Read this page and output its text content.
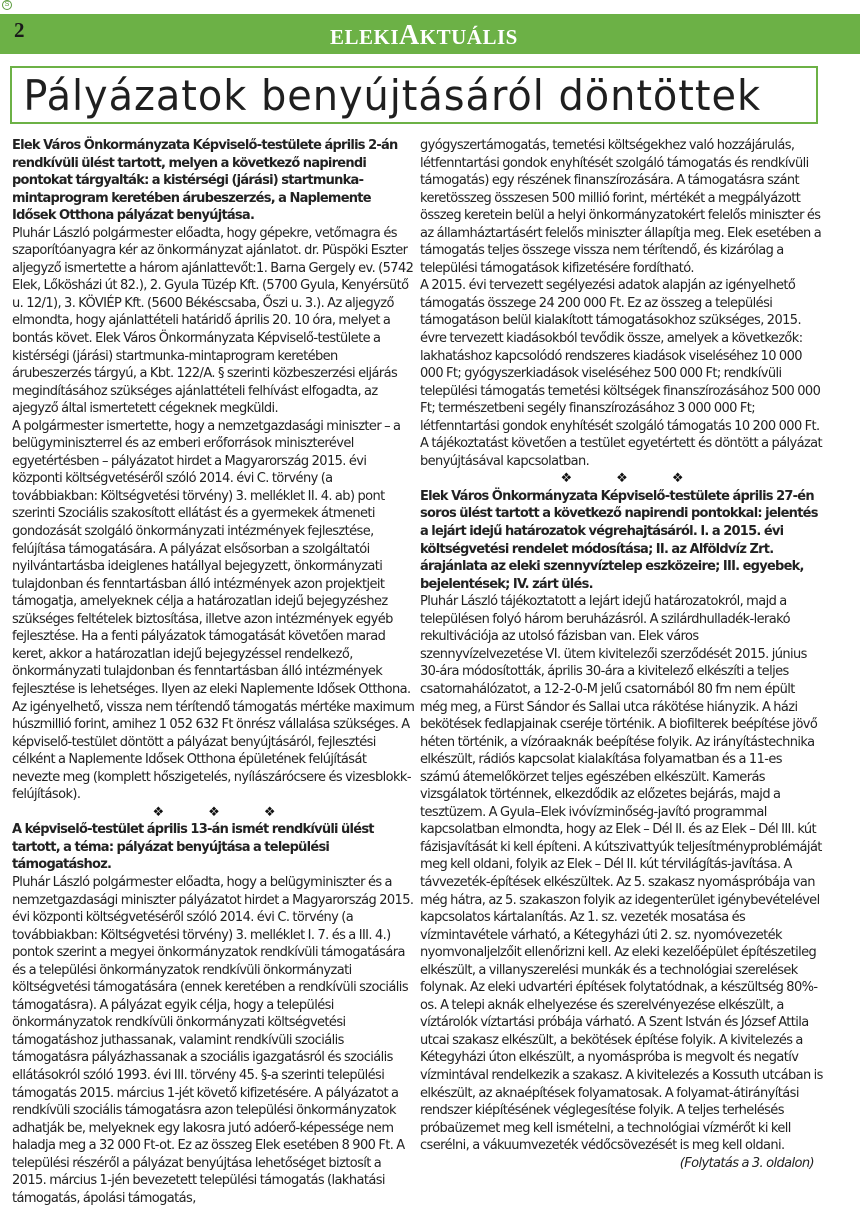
S
2	ELEKIAKTUÁLIS
Pályázatok benyújtásáról döntöttek

Elek Város Önkormányzata Képviselő-testülete április 2-án rendkívüli ülést tartott, melyen a következő napirendi pontokat tárgyalták: a kistérségi (járási) startmunka-mintaprogram keretében árubeszerzés, a Naplemente Idősek Otthona pályázat benyújtása.

Pluhár László polgármester előadta, hogy gépekre, vetőmagra és szaporítóanyagra kér az önkormányzat ajánlatot. dr. Püspöki Eszter aljegyző ismertette a három ajánlattevőt:1. Barna Gergely ev. (5742 Elek, Lőkösházi út 82.), 2. Gyula Tüzép Kft. (5700 Gyula, Kenyérsütő u. 12/1), 3. KÖVIÉP Kft. (5600 Békéscsaba, Őszi u. 3.). Az aljegyző elmondta, hogy ajánlattételi határidő április 20. 10 óra, melyet a bontás követ. Elek Város Önkormányzata Képviselő-testülete a kistérségi (járási) startmunka-mintaprogram keretében árubeszerzés tárgyú, a Kbt. 122/A. § szerinti közbeszerzési eljárás megindításához szükséges ajánlattételi felhívást elfogadta, az ajegyző által ismertetett cégeknek megküldi.

A polgármester ismertette, hogy a nemzetgazdasági miniszter – a belügyminiszterrel és az emberi erőforrások miniszterével egyetértésben – pályázatot hirdet a Magyarország 2015. évi központi költségvetéséről szóló 2014. évi C. törvény (a továbbiakban: Költségvetési törvény) 3. melléklet II. 4. ab) pont szerinti Szociális szakosított ellátást és a gyermekek átmeneti gondozását szolgáló önkormányzati intézmények fejlesztése, felújítása támogatására. A pályázat elsősorban a szolgáltatói nyilvántartásba ideiglenes hatállyal bejegyzett, önkormányzati tulajdonban és fenntartásban álló intézmények azon projektjeit támogatja, amelyeknek célja a határozatlan idejű bejegyzéshez szükséges feltételek biztosítása, illetve azon intézmények egyéb fejlesztése. Ha a fenti pályázatok támogatását követően marad keret, akkor a határozatlan idejű bejegyzéssel rendelkező, önkormányzati tulajdonban és fenntartásban álló intézmények fejlesztése is lehetséges. Ilyen az eleki Naplemente Idősek Otthona. Az igényelhető, vissza nem térítendő támogatás mértéke maximum húszmillió forint, amihez 1 052 632 Ft önrész vállalása szükséges. A képviselő-testület döntött a pályázat benyújtásáról, fejlesztési célként a Naplemente Idősek Otthona épületének felújítását nevezte meg (komplett hőszigetelés, nyílászárócsere és vizesblokk-felújítások).

❖	❖	❖

A képviselő-testület április 13-án ismét rendkívüli ülést tartott, a téma: pályázat benyújtása a települési támogatáshoz.

Pluhár László polgármester előadta, hogy a belügyminiszter és a nemzetgazdasági miniszter pályázatot hirdet a Magyarország 2015. évi központi költségvetéséről szóló 2014. évi C. törvény (a továbbiakban: Költségvetési törvény) 3. melléklet I. 7. és a III. 4.) pontok szerint a megyei önkormányzatok rendkívüli támogatására és a települési önkormányzatok rendkívüli önkormányzati költségvetési támogatására (ennek keretében a rendkívüli szociális támogatásra). A pályázat egyik célja, hogy a települési önkormányzatok rendkívüli önkormányzati költségvetési támogatáshoz juthassanak, valamint rendkívüli szociális támogatásra pályázhassanak a szociális igazgatásról és szociális ellátásokról szóló 1993. évi III. törvény 45. §-a szerinti települési támogatás 2015. március 1-jét követő kifizetésére. A pályázatot a rendkívüli szociális támogatásra azon települési önkormányzatok adhatják be, melyeknek egy lakosra jutó adóerő-képessége nem haladja meg a 32 000 Ft-ot. Ez az összeg Elek esetében 8 900 Ft. A települési részéről a pályázat benyújtása lehetőséget biztosít a 2015. március 1-jén bevezetett települési támogatás (lakhatási támogatás, ápolási támogatás,

gyógyszertámogatás, temetési költségekhez való hozzájárulás, létfenntartási gondok enyhítését szolgáló támogatás és rendkívüli támogatás) egy részének finanszírozására. A támogatásra szánt keretösszeg összesen 500 millió forint, mértékét a megpályázott összeg keretein belül a helyi önkormányzatokért felelős miniszter és az államháztartásért felelős miniszter állapítja meg. Elek esetében a támogatás teljes összege vissza nem térítendő, és kizárólag a települési támogatások kifizetésére fordítható.

A 2015. évi tervezett segélyezési adatok alapján az igényelhető támogatás összege 24 200 000 Ft. Ez az összeg a települési támogatáson belül kialakított támogatásokhoz szükséges, 2015. évre tervezett kiadásokból tevődik össze, amelyek a következők: lakhatáshoz kapcsolódó rendszeres kiadások viseléséhez 10 000 000 Ft; gyógyszerkiadások viseléséhez 500 000 Ft; rendkívüli települési támogatás temetési költségek finanszírozásához 500 000 Ft; természetbeni segély finanszírozásához 3 000 000 Ft; létfenntartási gondok enyhítését szolgáló támogatás 10 200 000 Ft. A tájékoztatást követően a testület egyetértett és döntött a pályázat benyújtásával kapcsolatban.

❖	❖	❖

Elek Város Önkormányzata Képviselő-testülete április 27-én soros ülést tartott a következő napirendi pontokkal: jelentés a lejárt idejű határozatok végrehajtásáról. I. a 2015. évi költségvetési rendelet módosítása; II. az Alföldvíz Zrt. árajánlata az eleki szennyvíztelep eszközeire; III. egyebek, bejelentések; IV. zárt ülés.

Pluhár László tájékoztatott a lejárt idejű határozatokról, majd a településen folyó három beruházásról. A szilárdhulladék-lerakó rekultivációja az utolsó fázisban van. Elek város szennyvízelvezetése VI. ütem kivitelezői szerződését 2015. június 30-ára módosították, április 30-ára a kivitelező elkészíti a teljes csatornahálózatot, a 12-2-0-M jelű csatornából 80 fm nem épült még meg, a Fürst Sándor és Sallai utca rákötése hiányzik. A házi bekötések fedlapjainak cseréje történik. A biofilterek beépítése jövő héten történik, a vízóraaknák beépítése folyik. Az irányítástechnika elkészült, rádiós kapcsolat kialakítása folyamatban és a 11-es számú átemelőkörzet teljes egészében elkészült. Kamerás vizsgálatok történnek, elkezdődik az előzetes bejárás, majd a tesztüzem. A Gyula–Elek ivóvízminőség-javító programmal kapcsolatban elmondta, hogy az Elek – Dél II. és az Elek – Dél III. kút fázisjavítását ki kell építeni. A kútszivattyúk teljesítményproblémáját meg kell oldani, folyik az Elek – Dél II. kút térvilágítás-javítása. A távvezeték-építések elkészültek. Az 5. szakasz nyomáspróbája van még hátra, az 5. szakaszon folyik az idegenterület igénybevételével kapcsolatos kártalanítás. Az 1. sz. vezeték mosatása és vízmintavétele várható, a Kétegyházi úti 2. sz. nyomóvezeték nyomvonaljelzőit ellenőrizni kell. Az eleki kezelőépület építészetileg elkészült, a villanyszerelési munkák és a technológiai szerelések folynak. Az eleki udvartéri építések folytatódnak, a készültség 80%-os. A telepi aknák elhelyezése és szerelvényezése elkészült, a víztárolók víztartási próbája várható. A Szent István és József Attila utcai szakasz elkészült, a bekötések építése folyik. A kivitelezés a Kétegyházi úton elkészült, a nyomáspróba is megvolt és negatív vízmintával rendelkezik a szakasz. A kivitelezés a Kossuth utcában is elkészült, az aknaépítések folyamatosak. A folyamat-átirányítási rendszer kiépítésének véglegesítése folyik. A teljes terhelésés próbaüzemet meg kell ismételni, a technológiai vízmérőt ki kell cserélni, a vákuumvezeték védőcsövezését is meg kell oldani.

(Folytatás a 3. oldalon)
